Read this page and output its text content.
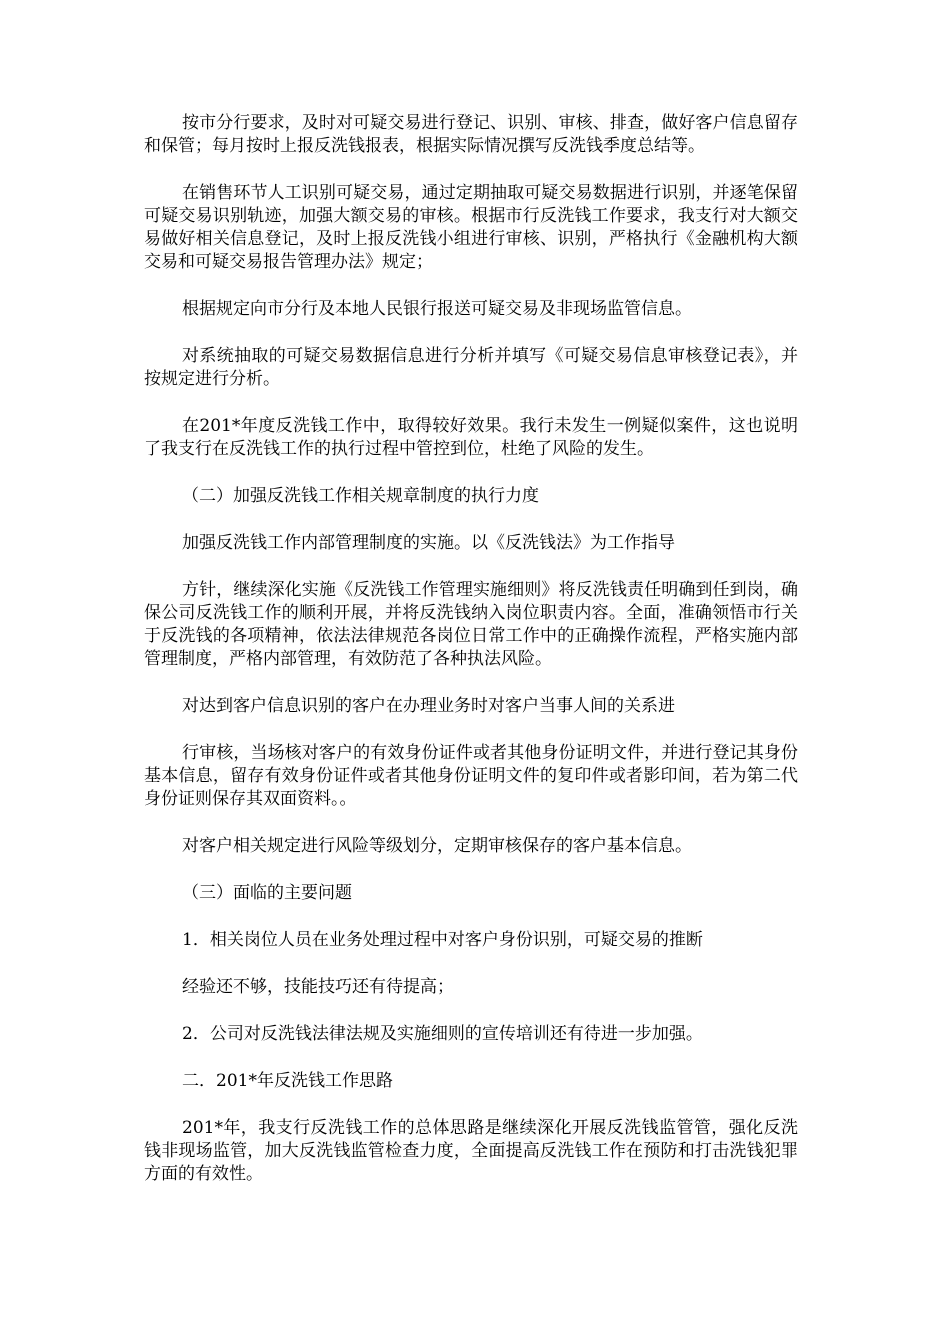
按市分行要求，及时对可疑交易进行登记、识别、审核、排查，做好客户信息留存和保管；每月按时上报反洗钱报表，根据实际情况撰写反洗钱季度总结等。

在销售环节人工识别可疑交易，通过定期抽取可疑交易数据进行识别，并逐笔保留可疑交易识别轨迹，加强大额交易的审核。根据市行反洗钱工作要求，我支行对大额交易做好相关信息登记，及时上报反洗钱小组进行审核、识别，严格执行《金融机构大额交易和可疑交易报告管理办法》规定；

根据规定向市分行及本地人民银行报送可疑交易及非现场监管信息。

对系统抽取的可疑交易数据信息进行分析并填写《可疑交易信息审核登记表》，并按规定进行分析。

在201*年度反洗钱工作中，取得较好效果。我行未发生一例疑似案件，这也说明了我支行在反洗钱工作的执行过程中管控到位，杜绝了风险的发生。

（二）加强反洗钱工作相关规章制度的执行力度

加强反洗钱工作内部管理制度的实施。以《反洗钱法》为工作指导

方针，继续深化实施《反洗钱工作管理实施细则》将反洗钱责任明确到任到岗，确保公司反洗钱工作的顺利开展，并将反洗钱纳入岗位职责内容。全面，准确领悟市行关于反洗钱的各项精神，依法法律规范各岗位日常工作中的正确操作流程，严格实施内部管理制度，严格内部管理，有效防范了各种执法风险。

对达到客户信息识别的客户在办理业务时对客户当事人间的关系进

行审核，当场核对客户的有效身份证件或者其他身份证明文件，并进行登记其身份基本信息，留存有效身份证件或者其他身份证明文件的复印件或者影印间，若为第二代身份证则保存其双面资料。。

对客户相关规定进行风险等级划分，定期审核保存的客户基本信息。

（三）面临的主要问题

1．相关岗位人员在业务处理过程中对客户身份识别，可疑交易的推断

经验还不够，技能技巧还有待提高；

2．公司对反洗钱法律法规及实施细则的宣传培训还有待进一步加强。

二．201*年反洗钱工作思路

201*年，我支行反洗钱工作的总体思路是继续深化开展反洗钱监管管，强化反洗钱非现场监管，加大反洗钱监管检查力度，全面提高反洗钱工作在预防和打击洗钱犯罪方面的有效性。
